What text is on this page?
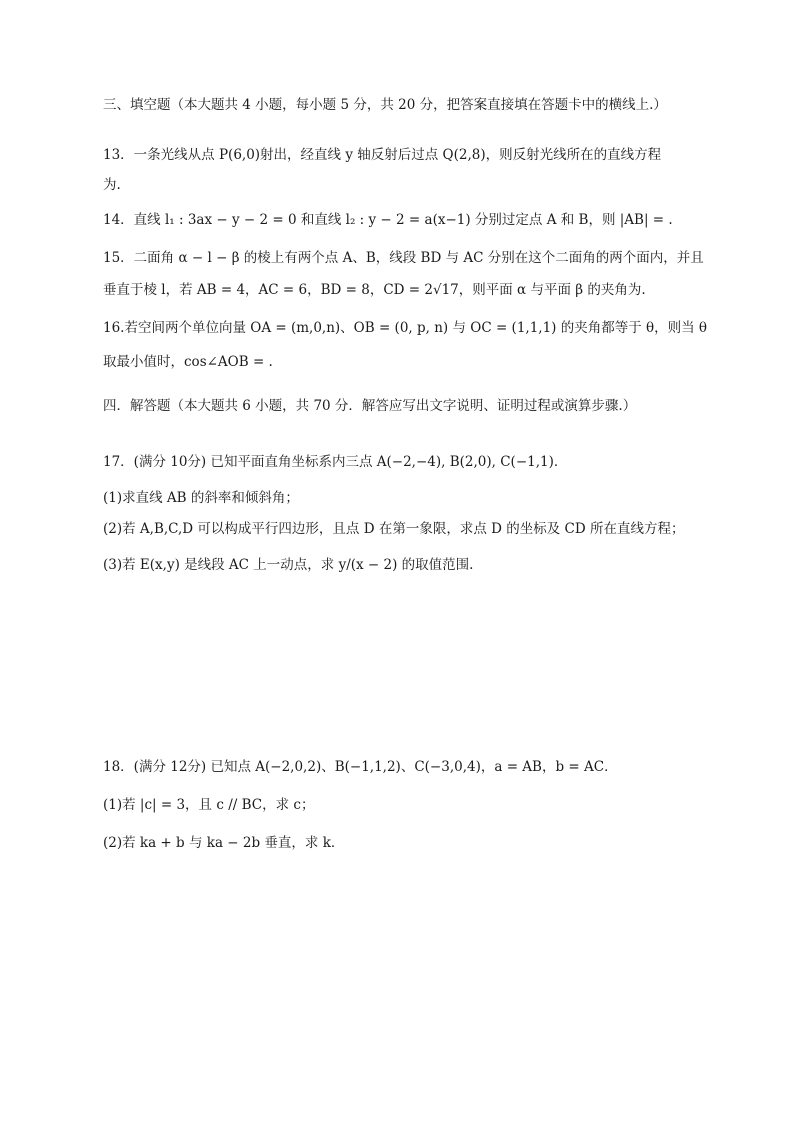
三、填空题（本大题共 4 小题，每小题 5 分，共 20 分，把答案直接填在答题卡中的横线上.）
13．一条光线从点 P(6,0)射出，经直线 y 轴反射后过点 Q(2,8)，则反射光线所在的直线方程
为.
14．直线 l₁ : 3ax − y − 2 = 0 和直线 l₂ : y − 2 = a(x−1) 分别过定点 A 和 B，则 |AB| = .
15．二面角 α − l − β 的棱上有两个点 A、B，线段 BD 与 AC 分别在这个二面角的两个面内，并且
垂直于棱 l，若 AB = 4，AC = 6，BD = 8，CD = 2√17，则平面 α 与平面 β 的夹角为.
16.若空间两个单位向量 OA = (m,0,n)、OB = (0, p, n) 与 OC = (1,1,1) 的夹角都等于 θ，则当 θ
取最小值时，cos∠AOB = .
四．解答题（本大题共 6 小题，共 70 分．解答应写出文字说明、证明过程或演算步骤.）
17．(满分 10分) 已知平面直角坐标系内三点 A(−2,−4), B(2,0), C(−1,1)．
(1)求直线 AB 的斜率和倾斜角；
(2)若 A,B,C,D 可以构成平行四边形，且点 D 在第一象限，求点 D 的坐标及 CD 所在直线方程；
(3)若 E(x,y) 是线段 AC 上一动点，求 y/(x − 2) 的取值范围.
18．(满分 12分) 已知点 A(−2,0,2)、B(−1,1,2)、C(−3,0,4)，a = AB，b = AC．
(1)若 |c| = 3，且 c // BC，求 c；
(2)若 ka + b 与 ka − 2b 垂直，求 k．
